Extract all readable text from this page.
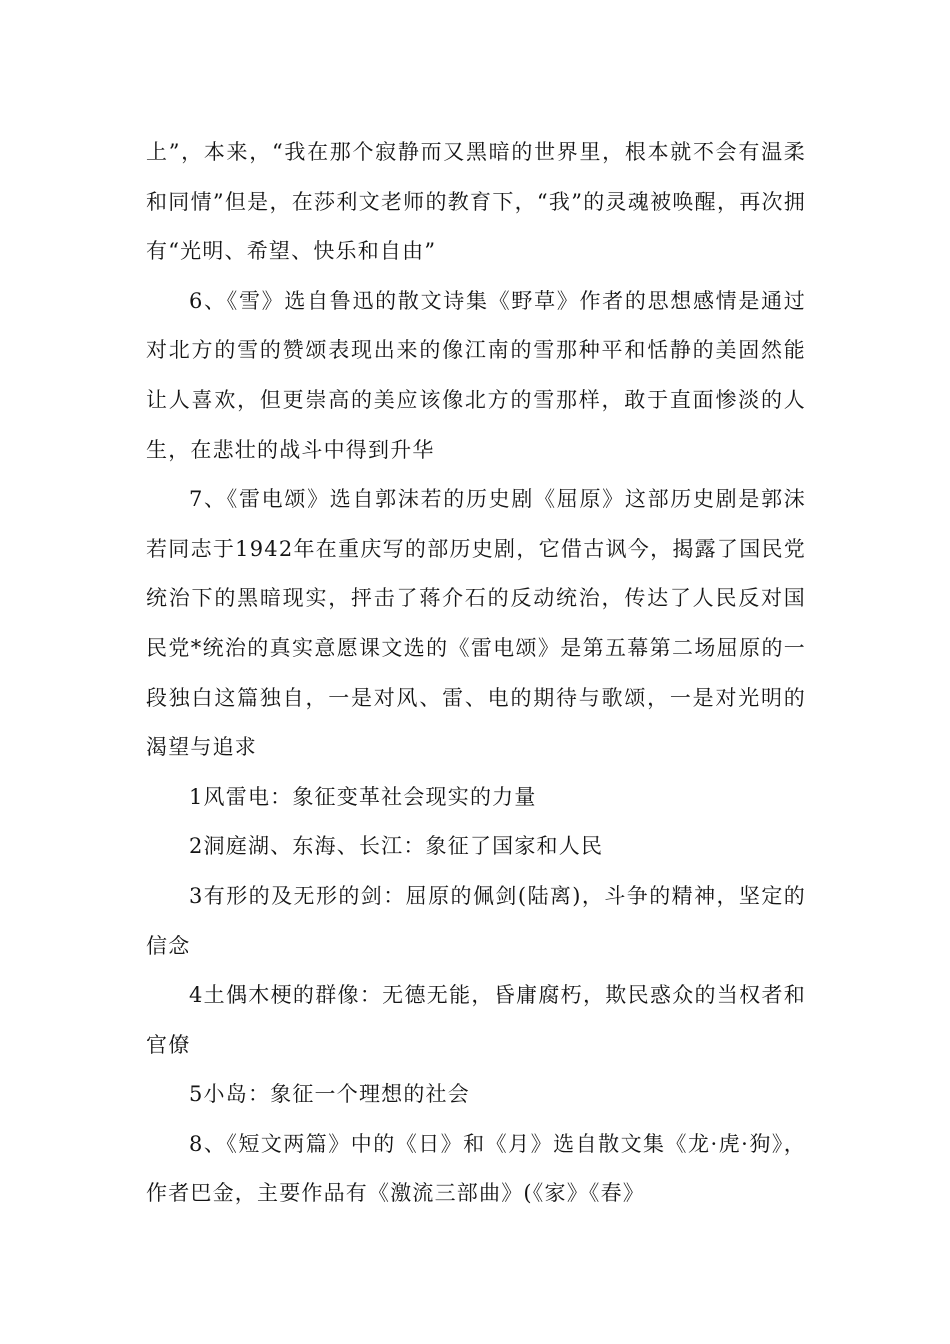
上”，本来，“我在那个寂静而又黑暗的世界里，根本就不会有温柔和同情”但是，在莎利文老师的教育下，“我”的灵魂被唤醒，再次拥有“光明、希望、快乐和自由”

6、《雪》选自鲁迅的散文诗集《野草》作者的思想感情是通过对北方的雪的赞颂表现出来的像江南的雪那种平和恬静的美固然能让人喜欢，但更崇高的美应该像北方的雪那样，敢于直面惨淡的人生，在悲壮的战斗中得到升华

7、《雷电颂》选自郭沫若的历史剧《屈原》这部历史剧是郭沫若同志于1942年在重庆写的部历史剧，它借古讽今，揭露了国民党统治下的黑暗现实，抨击了蒋介石的反动统治，传达了人民反对国民党*统治的真实意愿课文选的《雷电颂》是第五幕第二场屈原的一段独白这篇独自，一是对风、雷、电的期待与歌颂，一是对光明的渴望与追求

1风雷电：象征变革社会现实的力量

2洞庭湖、东海、长江：象征了国家和人民

3有形的及无形的剑：屈原的佩剑(陆离)，斗争的精神，坚定的信念

4土偶木梗的群像：无德无能，昏庸腐朽，欺民惑众的当权者和官僚

5小岛：象征一个理想的社会

8、《短文两篇》中的《日》和《月》选自散文集《龙·虎·狗》，作者巴金，主要作品有《激流三部曲》(《家》《春》
